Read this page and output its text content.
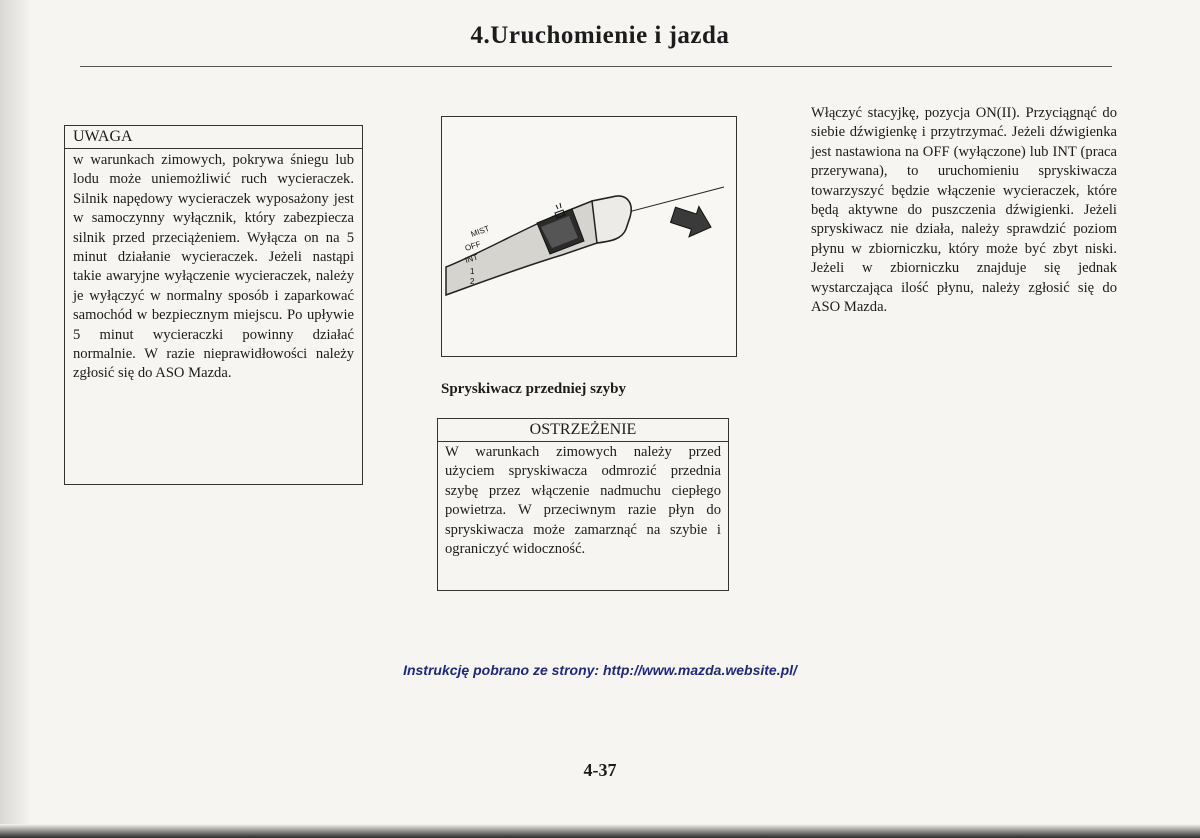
4.Uruchomienie i jazda
UWAGA
w warunkach zimowych, pokrywa śniegu lub lodu może uniemożliwić ruch wycieraczek. Silnik napędowy wycieraczek wyposażony jest w samoczynny wyłącznik, który zabezpiecza silnik przed przeciążeniem. Wyłącza on na 5 minut działanie wycieraczek. Jeżeli nastąpi takie awaryjne wyłączenie wycieraczek, należy je wyłączyć w normalny sposób i zaparkować samochód w bezpiecznym miejscu. Po upływie 5 minut wycieraczki powinny działać normalnie. W razie nieprawidłowości należy zgłosić się do ASO Mazda.
MIST
OFF
INT
1
2
Spryskiwacz przedniej szyby
OSTRZEŻENIE
W warunkach zimowych należy przed użyciem spryskiwacza odmrozić przednia szybę przez włączenie nadmuchu ciepłego powietrza. W przeciwnym razie płyn do spryskiwacza może zamarznąć na szybie i ograniczyć widoczność.
Włączyć stacyjkę, pozycja ON(II). Przyciągnąć do siebie dźwigienkę i przytrzymać. Jeżeli dźwigienka jest nastawiona na OFF (wyłączone) lub INT (praca przerywana), to uruchomieniu spryskiwacza towarzyszyć będzie włączenie wycieraczek, które będą aktywne do puszczenia dźwigienki. Jeżeli spryskiwacz nie działa, należy sprawdzić poziom płynu w zbiorniczku, który może być zbyt niski. Jeżeli w zbiorniczku znajduje się jednak wystarczająca ilość płynu, należy zgłosić się do ASO Mazda.
Instrukcję pobrano ze strony: http://www.mazda.website.pl/
4-37
